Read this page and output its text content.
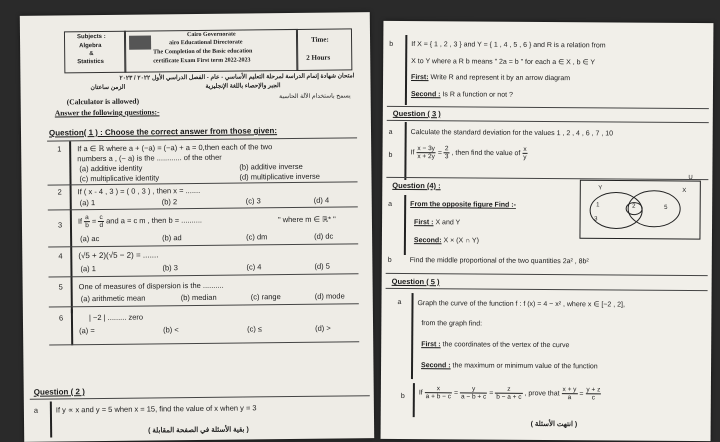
Subjects :
Algebra
&
Statistics
Cairo Governorate
airo Educational Directorate
The Completion of the Basic education
certificate Exam First term 2022-2023
Time:
2 Hours
امتحان شهادة إتمام الدراسة لمرحلة التعليم الأساسي - عام - الفصل الدراسي الأول ٢٠٢٢ / ٢٠٢٣
الجبر والإحصاء باللغة الإنجليزية
الزمن ساعتان
يسمح باستخدام الآلة الحاسبة
(Calculator is allowed)
Answer the following questions:-
Question( 1 ) : Choose the correct answer from those given:
1 If a ∈ ℝ where a + (−a) = (−a) + a = 0,then each of the two
numbers a , (− a) is the ............ of the other
(a) additive identity	(b) additive inverse
(c) multiplicative identity	(d) multiplicative inverse
2 If ( x - 4 , 3 ) = ( 0 , 3 ) , then x = .......
(a) 1	(b) 2	(c) 3	(d) 4
3 If $\frac{a}{b} = \frac{c}{d}$ and a = c m , then b = ..........	" where m ∈ ℝ* "
(a) ac	(b) ad	(c) dm	(d) dc
4 (√5 + 2)(√5 − 2) = .......
(a) 1	(b) 3	(c) 4	(d) 5
5 One of measures of dispersion is the ..........
(a) arithmetic mean	(b) median	(c) range	(d) mode
6	| −2 | ......... zero
(a) =	(b) <	(c) ≤	(d) >
Question ( 2 )
a If y ∝ x and y = 5 when x = 15, find the value of x when y = 3
( بقية الأسئلة في الصفحة المقابلة )
b	If X = { 1 , 2 , 3 } and Y = { 1 , 4 , 5 , 6 } and R is a relation from
X to Y where a R b means " 2a = b " for each a ∈ X , b ∈ Y
First: Write R and represent it by an arrow diagram
Second : Is R a function or not ?
Question ( 3 )
a	Calculate the standard deviation for the values 1 , 2 , 4 , 6 , 7 , 10
b	If $\frac{x - 3y}{x + 2y} = \frac{2}{3}$ , then find the value of $\frac{x}{y}$
Question (4) :
a	From the opposite figure Find :-
First : X and Y
Second: X × (X ∩ Y)
U
Y	X
1	2
3
5
b	Find the middle proportional of the two quantities 2a² , 8b²
Question ( 5 )
a Graph the curve of the function f : f (x) = 4 − x² , where x ∈ [−2 , 2],
from the graph find:
First : the coordinates of the vertex of the curve
Second : the maximum or minimum value of the function
b
If $\frac{x}{a + b - c} = \frac{y}{a - b + c} = \frac{z}{b - a + c}$ , prove that $\frac{x + y}{a} = \frac{y + z}{c}$
( انتهت الأسئلة )
